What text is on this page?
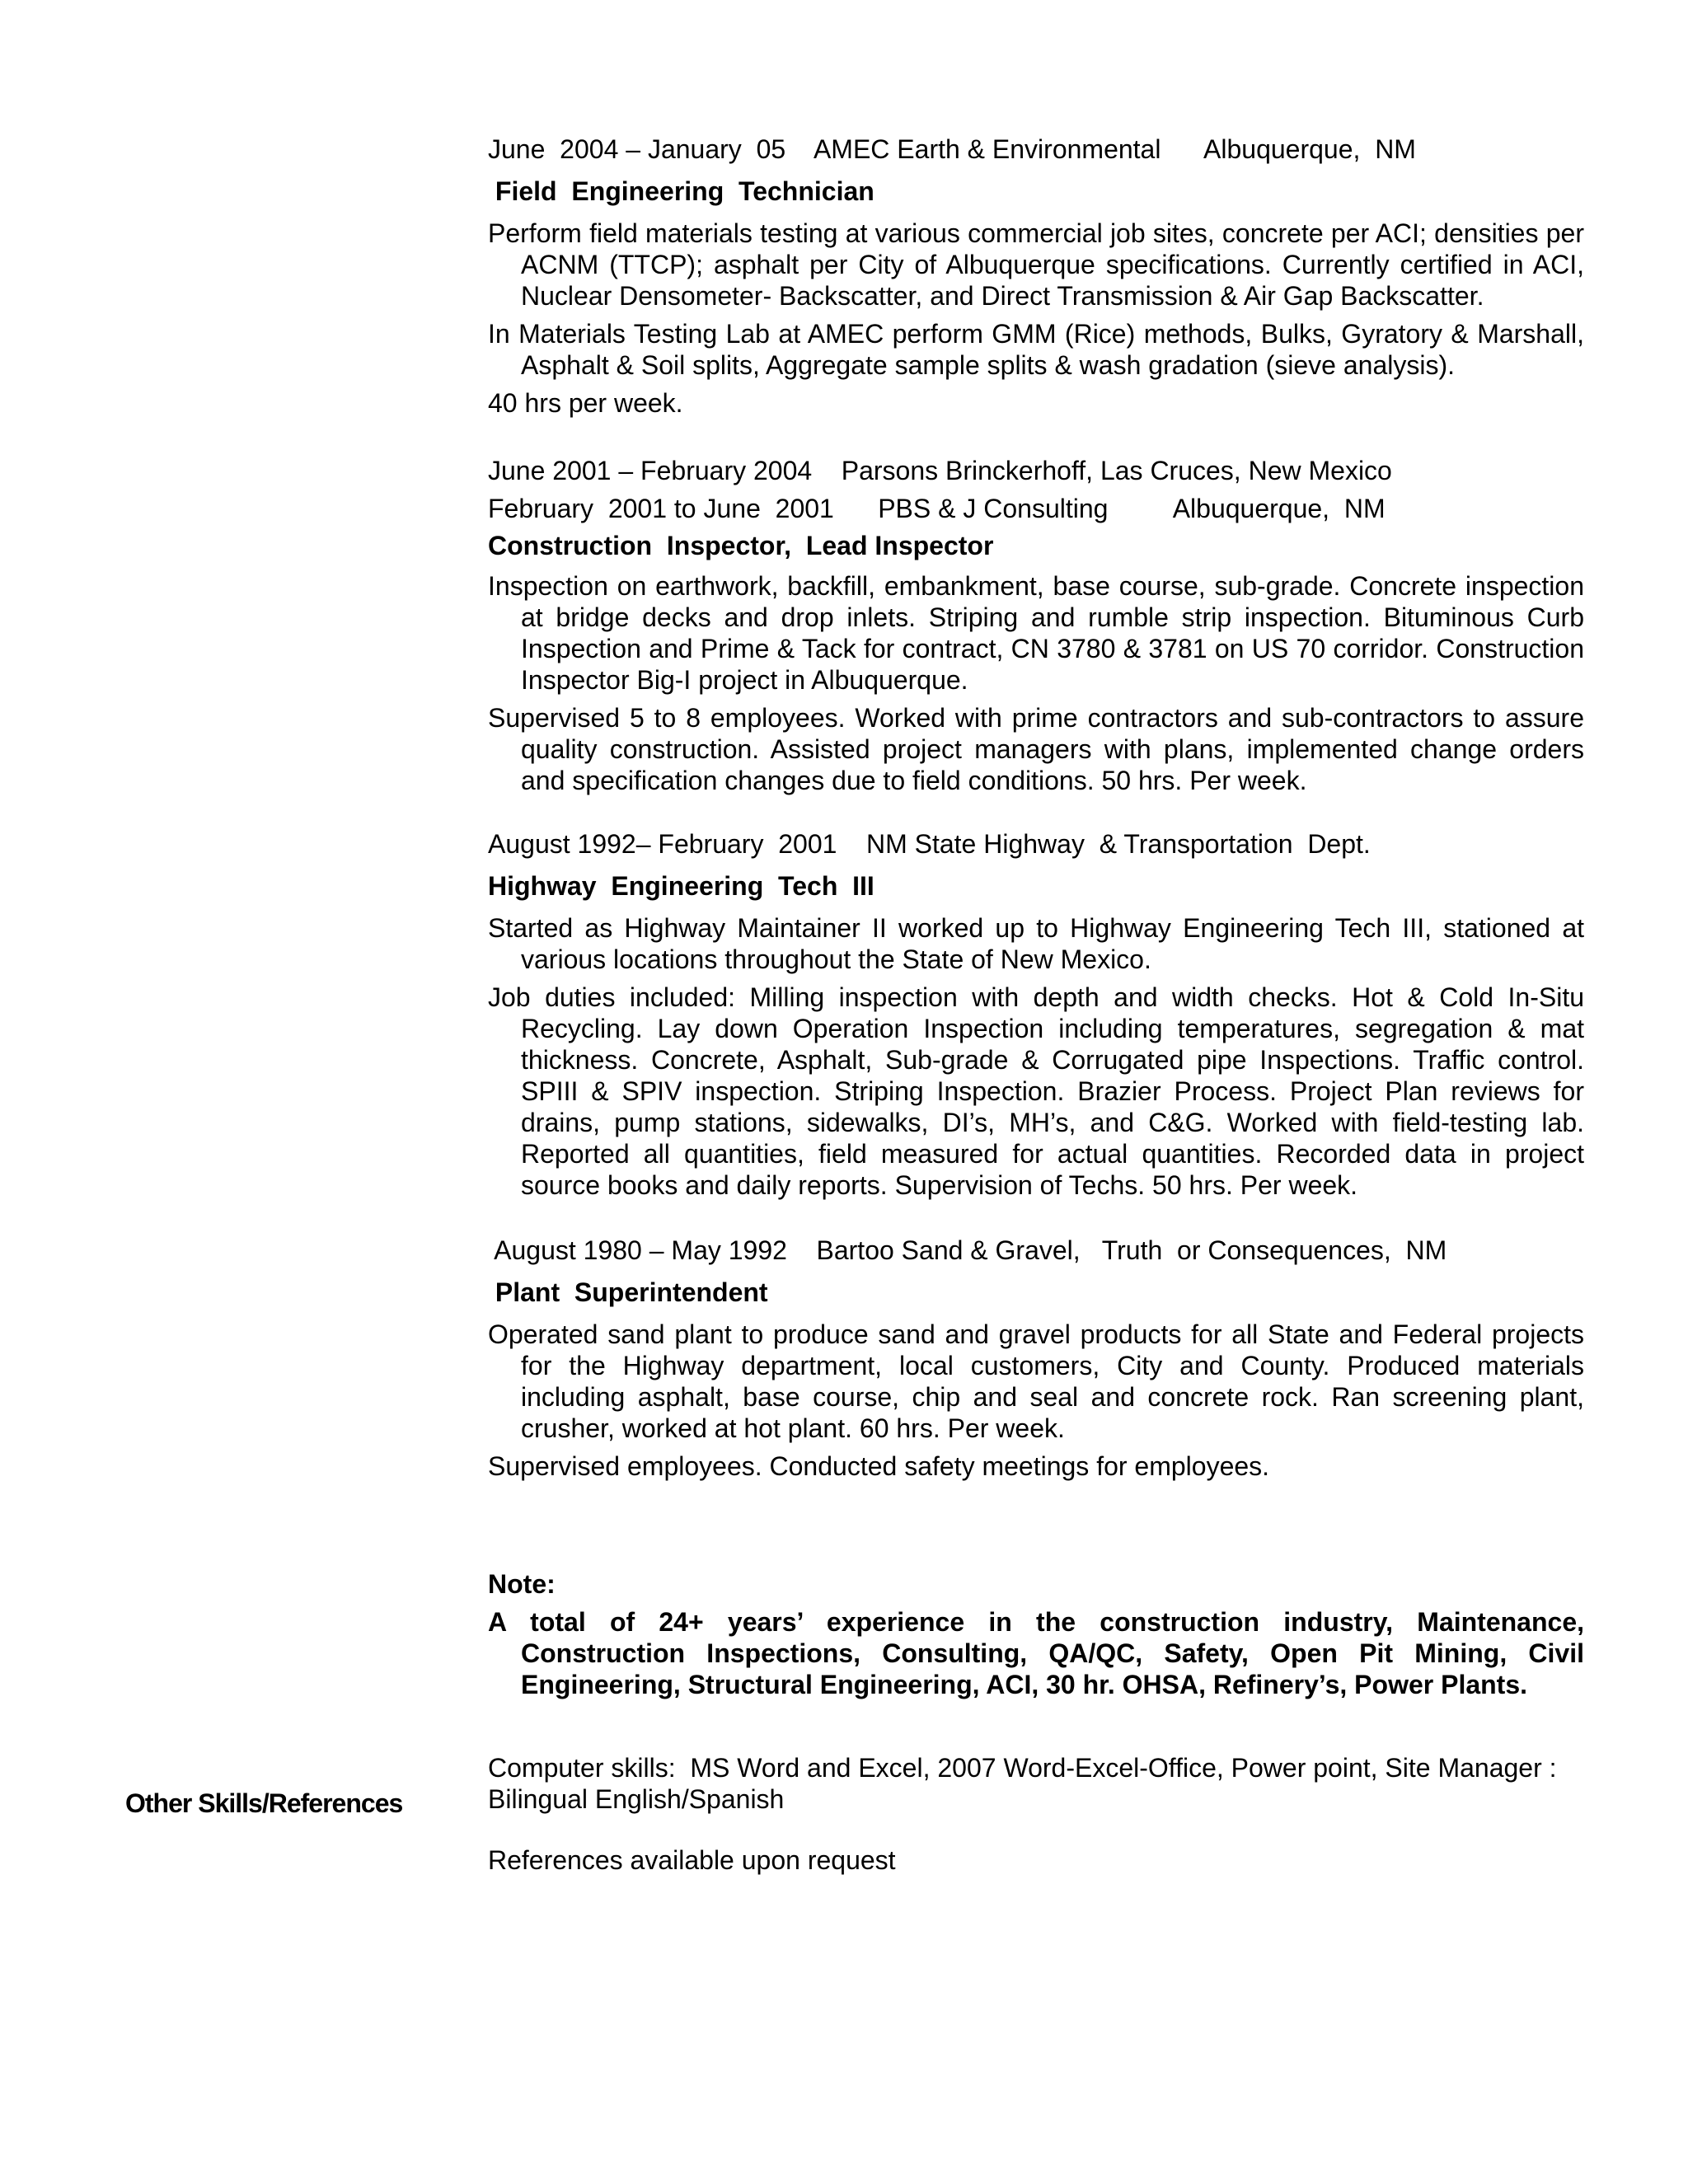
Other Skills/References
June  2004 – January  05    AMEC Earth & Environmental      Albuquerque,  NM
Field  Engineering  Technician
Perform field materials testing at various commercial job sites, concrete per ACI; densities per ACNM (TTCP); asphalt per City of Albuquerque specifications. Currently certified in ACI, Nuclear Densometer- Backscatter, and Direct Transmission & Air Gap Backscatter.
In Materials Testing Lab at AMEC perform GMM (Rice) methods, Bulks, Gyratory & Marshall, Asphalt & Soil splits, Aggregate sample splits & wash gradation (sieve analysis).
40 hrs per week.
June 2001 – February 2004    Parsons Brinckerhoff, Las Cruces, New Mexico
February  2001 to June  2001      PBS & J Consulting         Albuquerque,  NM
Construction  Inspector,  Lead Inspector
Inspection on earthwork, backfill, embankment, base course, sub-grade. Concrete inspection at bridge decks and drop inlets. Striping and rumble strip inspection. Bituminous Curb Inspection and Prime & Tack for contract, CN 3780 & 3781 on US 70 corridor. Construction Inspector Big-I project in Albuquerque.
Supervised 5 to 8 employees. Worked with prime contractors and sub-contractors to assure quality construction. Assisted project managers with plans, implemented change orders and specification changes due to field conditions. 50 hrs. Per week.
August 1992– February  2001    NM State Highway  & Transportation  Dept.
Highway  Engineering  Tech  III
Started as Highway Maintainer II worked up to Highway Engineering Tech III, stationed at various locations throughout the State of New Mexico.
Job duties included: Milling inspection with depth and width checks. Hot & Cold In-Situ Recycling. Lay down Operation Inspection including temperatures, segregation & mat thickness. Concrete, Asphalt, Sub-grade & Corrugated pipe Inspections. Traffic control. SPIII & SPIV inspection. Striping Inspection. Brazier Process. Project Plan reviews for drains, pump stations, sidewalks, DI’s, MH’s, and C&G. Worked with field-testing lab. Reported all quantities, field measured for actual quantities. Recorded data in project source books and daily reports. Supervision of Techs. 50 hrs. Per week.
August 1980 – May 1992    Bartoo Sand & Gravel,   Truth  or Consequences,  NM
Plant  Superintendent
Operated sand plant to produce sand and gravel products for all State and Federal projects for the Highway department, local customers, City and County. Produced materials including asphalt, base course, chip and seal and concrete rock. Ran screening plant, crusher, worked at hot plant. 60 hrs. Per week.
Supervised employees. Conducted safety meetings for employees.
Note:
A total of 24+ years’ experience in the construction industry, Maintenance, Construction Inspections, Consulting, QA/QC, Safety, Open Pit Mining, Civil Engineering, Structural Engineering, ACI, 30 hr. OHSA, Refinery’s, Power Plants.
Computer skills:  MS Word and Excel, 2007 Word-Excel-Office, Power point, Site Manager :
Bilingual English/Spanish
References available upon request
